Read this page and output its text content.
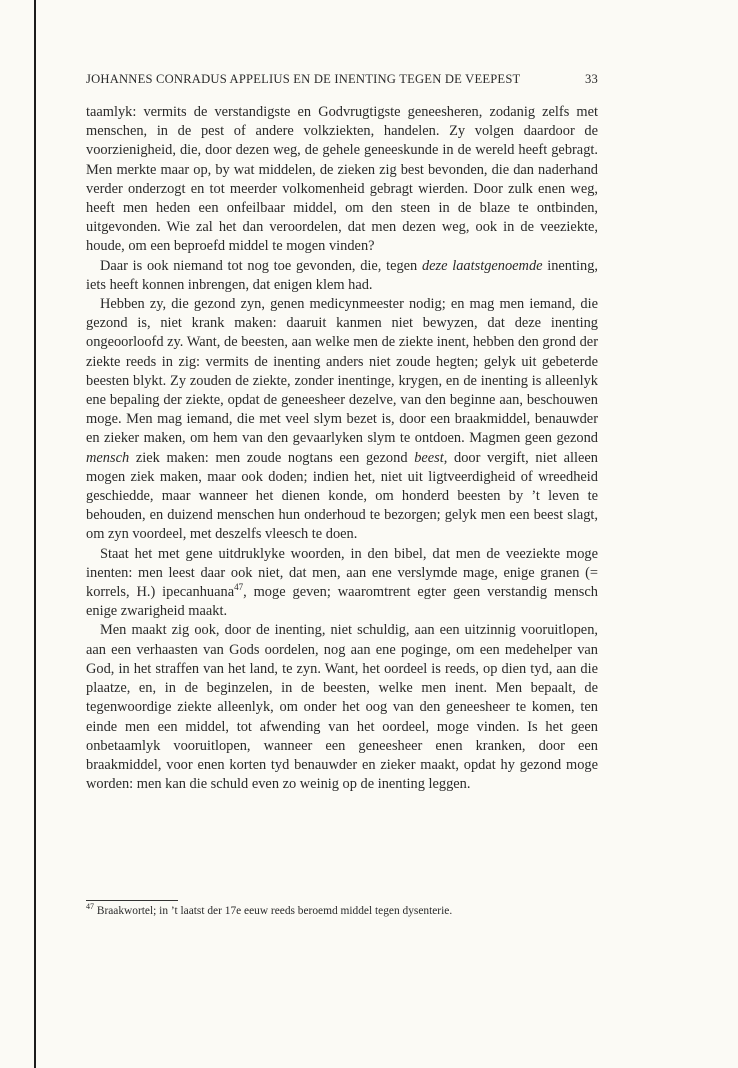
JOHANNES CONRADUS APPELIUS EN DE INENTING TEGEN DE VEEPEST	33

taamlyk: vermits de verstandigste en Godvrugtigste geneesheren, zodanig zelfs met menschen, in de pest of andere volkziekten, handelen. Zy volgen daardoor de voorzienigheid, die, door dezen weg, de gehele geneeskunde in de wereld heeft gebragt. Men merkte maar op, by wat middelen, de zieken zig best bevonden, die dan naderhand verder onderzogt en tot meerder volkomenheid gebragt wierden. Door zulk enen weg, heeft men heden een onfeilbaar middel, om den steen in de blaze te ontbinden, uitgevonden. Wie zal het dan veroordelen, dat men dezen weg, ook in de veeziekte, houde, om een beproefd middel te mogen vinden?

Daar is ook niemand tot nog toe gevonden, die, tegen deze laatstgenoemde inenting, iets heeft konnen inbrengen, dat enigen klem had.

Hebben zy, die gezond zyn, genen medicynmeester nodig; en mag men iemand, die gezond is, niet krank maken: daaruit kanmen niet bewyzen, dat deze inenting ongeoorloofd zy. Want, de beesten, aan welke men de ziekte inent, hebben den grond der ziekte reeds in zig: vermits de inenting anders niet zoude hegten; gelyk uit gebeterde beesten blykt. Zy zouden de ziekte, zonder inentinge, krygen, en de inenting is alleenlyk ene bepaling der ziekte, opdat de geneesheer dezelve, van den beginne aan, beschouwen moge. Men mag iemand, die met veel slym bezet is, door een braakmiddel, benauwder en zieker maken, om hem van den gevaarlyken slym te ontdoen. Magmen geen gezond mensch ziek maken: men zoude nogtans een gezond beest, door vergift, niet alleen mogen ziek maken, maar ook doden; indien het, niet uit ligtveerdigheid of wreedheid geschiedde, maar wanneer het dienen konde, om honderd beesten by ’t leven te behouden, en duizend menschen hun onderhoud te bezorgen; gelyk men een beest slagt, om zyn voordeel, met deszelfs vleesch te doen.

Staat het met gene uitdruklyke woorden, in den bibel, dat men de veeziekte moge inenten: men leest daar ook niet, dat men, aan ene verslymde mage, enige granen (= korrels, H.) ipecanhuana$^{47}$, moge geven; waaromtrent egter geen verstandig mensch enige zwarigheid maakt.

Men maakt zig ook, door de inenting, niet schuldig, aan een uitzinnig vooruitlopen, aan een verhaasten van Gods oordelen, nog aan ene poginge, om een medehelper van God, in het straffen van het land, te zyn. Want, het oordeel is reeds, op dien tyd, aan die plaatze, en, in de beginzelen, in de beesten, welke men inent. Men bepaalt, de tegenwoordige ziekte alleenlyk, om onder het oog van den geneesheer te komen, ten einde men een middel, tot afwending van het oordeel, moge vinden. Is het geen onbetaamlyk vooruitlopen, wanneer een geneesheer enen kranken, door een braakmiddel, voor enen korten tyd benauwder en zieker maakt, opdat hy gezond moge worden: men kan die schuld even zo weinig op de inenting leggen.

$^{47}$ Braakwortel; in ’t laatst der 17e eeuw reeds beroemd middel tegen dysenterie.
